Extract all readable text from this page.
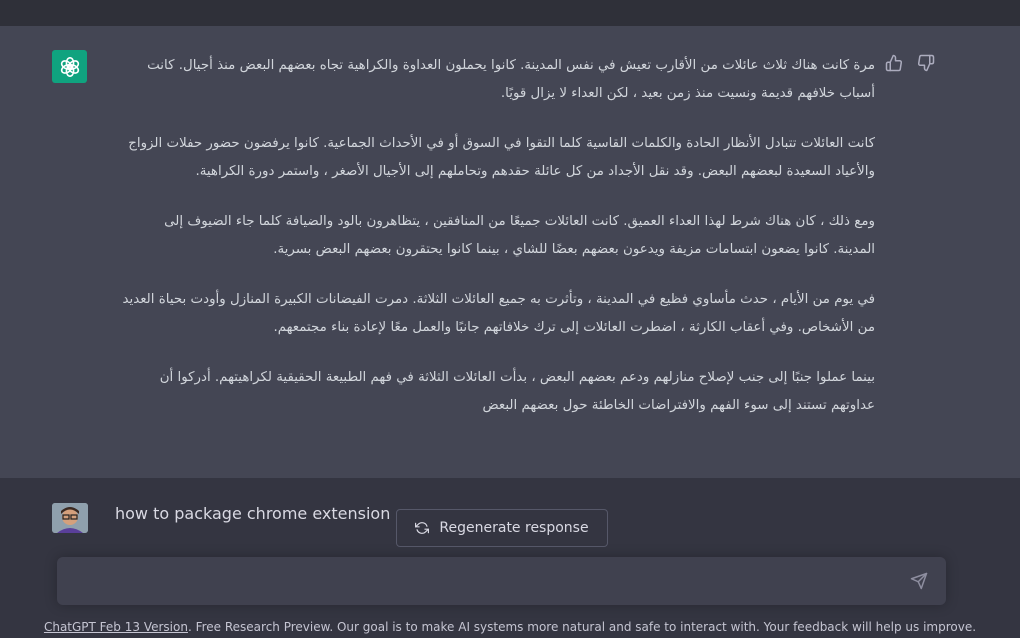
مرة كانت هناك ثلاث عائلات من الأقارب تعيش في نفس المدينة. كانوا يحملون العداوة والكراهية تجاه بعضهم البعض منذ أجيال. كانت أسباب خلافهم قديمة ونسيت منذ زمن بعيد ، لكن العداء لا يزال قويًا.

كانت العائلات تتبادل الأنظار الحادة والكلمات القاسية كلما التقوا في السوق أو في الأحداث الجماعية. كانوا يرفضون حضور حفلات الزواج والأعياد السعيدة لبعضهم البعض. وقد نقل الأجداد من كل عائلة حقدهم وتحاملهم إلى الأجيال الأصغر ، واستمر دورة الكراهية.

ومع ذلك ، كان هناك شرط لهذا العداء العميق. كانت العائلات جميعًا من المنافقين ، يتظاهرون بالود والضيافة كلما جاء الضيوف إلى المدينة. كانوا يضعون ابتسامات مزيفة ويدعون بعضهم بعضًا للشاي ، بينما كانوا يحتقرون بعضهم البعض بسرية.

في يوم من الأيام ، حدث مأساوي فظيع في المدينة ، وتأثرت به جميع العائلات الثلاثة. دمرت الفيضانات الكبيرة المنازل وأودت بحياة العديد من الأشخاص. وفي أعقاب الكارثة ، اضطرت العائلات إلى ترك خلافاتهم جانبًا والعمل معًا لإعادة بناء مجتمعهم.

بينما عملوا جنبًا إلى جنب لإصلاح منازلهم ودعم بعضهم البعض ، بدأت العائلات الثلاثة في فهم الطبيعة الحقيقية لكراهيتهم. أدركوا أن عداوتهم تستند إلى سوء الفهم والافتراضات الخاطئة حول بعضهم البعض

how to package chrome extension
Regenerate response
ChatGPT Feb 13 Version. Free Research Preview. Our goal is to make AI systems more natural and safe to interact with. Your feedback will help us improve.
